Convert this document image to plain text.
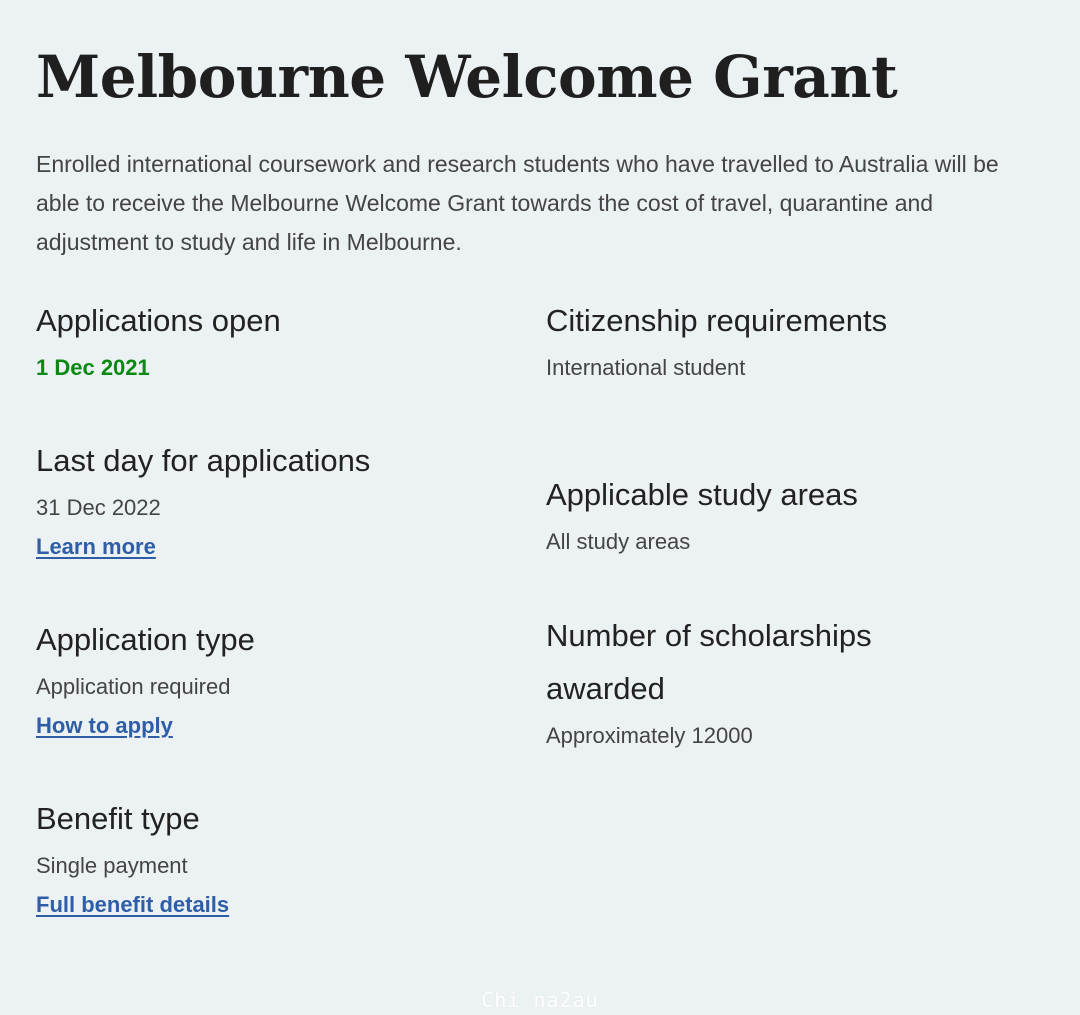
Melbourne Welcome Grant

Enrolled international coursework and research students who have travelled to Australia will be able to receive the Melbourne Welcome Grant towards the cost of travel, quarantine and adjustment to study and life in Melbourne.

Applications open

1 Dec 2021

Last day for applications

31 Dec 2022

Learn more
Application type

Application required

How to apply
Benefit type

Single payment

Full benefit details
Citizenship requirements

International student

Applicable study areas

All study areas

Number of scholarships awarded

Approximately 12000

Chi na2au
